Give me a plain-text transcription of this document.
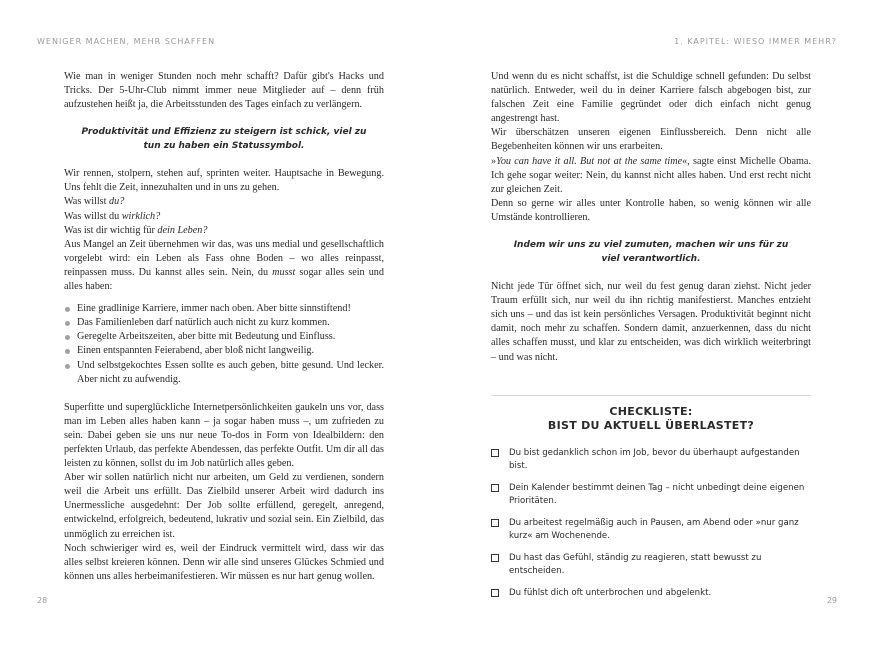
WENIGER MACHEN, MEHR SCHAFFEN

Wie man in weniger Stunden noch mehr schafft? Dafür gibt's Hacks und Tricks. Der 5-Uhr-Club nimmt immer neue Mitglieder auf – denn früh aufzustehen heißt ja, die Arbeitsstunden des Tages einfach zu verlängern.

Produktivität und Effizienz zu steigern ist schick, viel zu tun zu haben ein Statussymbol.

Wir rennen, stolpern, stehen auf, sprinten weiter. Hauptsache in Bewegung. Uns fehlt die Zeit, innezuhalten und in uns zu gehen.

Was willst du?

Was willst du wirklich?

Was ist dir wichtig für dein Leben?

Aus Mangel an Zeit übernehmen wir das, was uns medial und gesellschaftlich vorgelebt wird: ein Leben als Fass ohne Boden – wo alles reinpasst, reinpassen muss. Du kannst alles sein. Nein, du musst sogar alles sein und alles haben:

Eine gradlinige Karriere, immer nach oben. Aber bitte sinnstiftend!
Das Familienleben darf natürlich auch nicht zu kurz kommen.
Geregelte Arbeitszeiten, aber bitte mit Bedeutung und Einfluss.
Einen entspannten Feierabend, aber bloß nicht langweilig.
Und selbstgekochtes Essen sollte es auch geben, bitte gesund. Und lecker. Aber nicht zu aufwendig.

Superfitte und superglückliche Internetpersönlichkeiten gaukeln uns vor, dass man im Leben alles haben kann – ja sogar haben muss –, um zufrieden zu sein. Dabei geben sie uns nur neue To-dos in Form von Idealbildern: den perfekten Urlaub, das perfekte Abendessen, das perfekte Outfit. Um dir all das leisten zu können, sollst du im Job natürlich alles geben.

Aber wir sollen natürlich nicht nur arbeiten, um Geld zu verdienen, sondern weil die Arbeit uns erfüllt. Das Zielbild unserer Arbeit wird dadurch ins Unermessliche ausgedehnt: Der Job sollte erfüllend, geregelt, anregend, entwickelnd, erfolgreich, bedeutend, lukrativ und sozial sein. Ein Zielbild, das unmöglich zu erreichen ist.

Noch schwieriger wird es, weil der Eindruck vermittelt wird, dass wir das alles selbst kreieren können. Denn wir alle sind unseres Glückes Schmied und können uns alles herbeimanifestieren. Wir müssen es nur hart genug wollen.

28
1. KAPITEL: WIESO IMMER MEHR?

Und wenn du es nicht schaffst, ist die Schuldige schnell gefunden: Du selbst natürlich. Entweder, weil du in deiner Karriere falsch abgebogen bist, zur falschen Zeit eine Familie gegründet oder dich einfach nicht genug angestrengt hast.

Wir überschätzen unseren eigenen Einflussbereich. Denn nicht alle Begebenheiten können wir uns erarbeiten.

»You can have it all. But not at the same time«, sagte einst Michelle Obama. Ich gehe sogar weiter: Nein, du kannst nicht alles haben. Und erst recht nicht zur gleichen Zeit.

Denn so gerne wir alles unter Kontrolle haben, so wenig können wir alle Umstände kontrollieren.

Indem wir uns zu viel zumuten, machen wir uns für zu viel verantwortlich.

Nicht jede Tür öffnet sich, nur weil du fest genug daran ziehst. Nicht jeder Traum erfüllt sich, nur weil du ihn richtig manifestierst. Manches entzieht sich uns – und das ist kein persönliches Versagen. Produktivität beginnt nicht damit, noch mehr zu schaffen. Sondern damit, anzuerkennen, dass du nicht alles schaffen musst, und klar zu entscheiden, was dich wirklich weiterbringt – und was nicht.

CHECKLISTE:
BIST DU AKTUELL ÜBERLASTET?
Du bist gedanklich schon im Job, bevor du überhaupt aufgestanden bist.
Dein Kalender bestimmt deinen Tag – nicht unbedingt deine eigenen Prioritäten.
Du arbeitest regelmäßig auch in Pausen, am Abend oder »nur ganz kurz« am Wochenende.
Du hast das Gefühl, ständig zu reagieren, statt bewusst zu entscheiden.
Du fühlst dich oft unterbrochen und abgelenkt.
29
